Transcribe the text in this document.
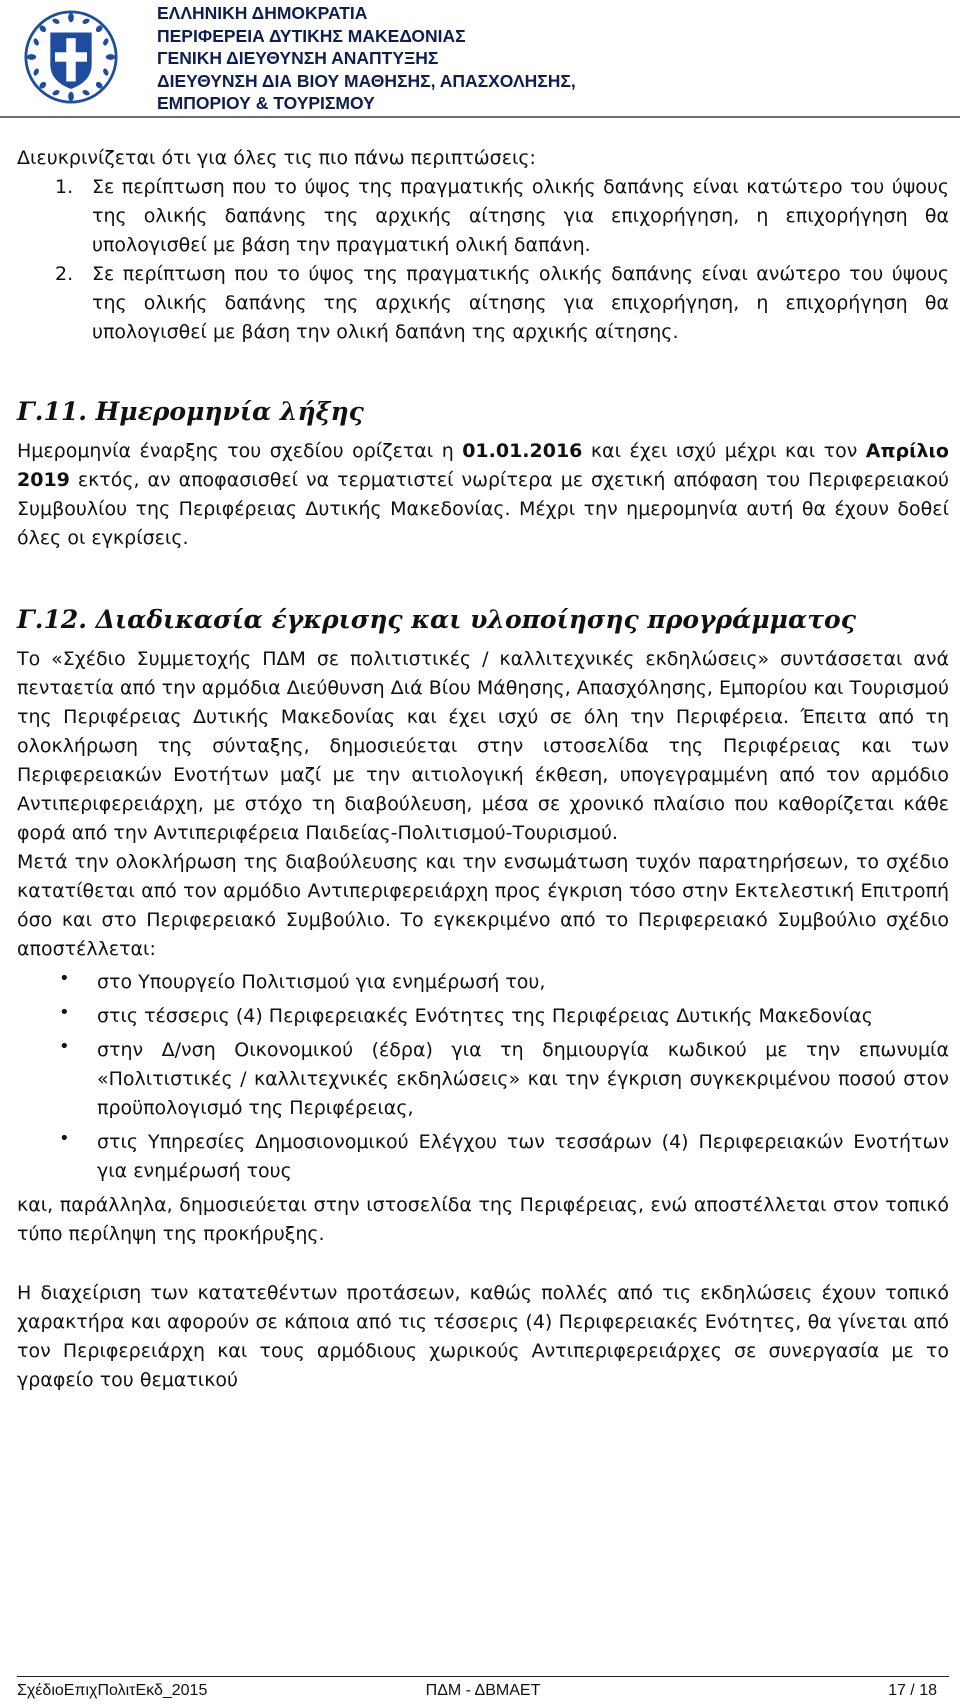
ΕΛΛΗΝΙΚΗ ΔΗΜΟΚΡΑΤΙΑ
ΠΕΡΙΦΕΡΕΙΑ ΔΥΤΙΚΗΣ ΜΑΚΕΔΟΝΙΑΣ
ΓΕΝΙΚΗ ΔΙΕΥΘΥΝΣΗ ΑΝΑΠΤΥΞΗΣ
ΔΙΕΥΘΥΝΣΗ ΔΙΑ ΒΙΟΥ ΜΑΘΗΣΗΣ, ΑΠΑΣΧΟΛΗΣΗΣ,
ΕΜΠΟΡΙΟΥ & ΤΟΥΡΙΣΜΟΥ

Διευκρινίζεται ότι για όλες τις πιο πάνω περιπτώσεις:

1. Σε περίπτωση που το ύψος της πραγματικής ολικής δαπάνης είναι κατώτερο του ύψους της ολικής δαπάνης της αρχικής αίτησης για επιχορήγηση, η επιχορήγηση θα υπολογισθεί με βάση την πραγματική ολική δαπάνη.

2. Σε περίπτωση που το ύψος της πραγματικής ολικής δαπάνης είναι ανώτερο του ύψους της ολικής δαπάνης της αρχικής αίτησης για επιχορήγηση, η επιχορήγηση θα υπολογισθεί με βάση την ολική δαπάνη της αρχικής αίτησης.

Γ.11. Ημερομηνία λήξης

Ημερομηνία έναρξης του σχεδίου ορίζεται η 01.01.2016 και έχει ισχύ μέχρι και τον Απρίλιο 2019 εκτός, αν αποφασισθεί να τερματιστεί νωρίτερα με σχετική απόφαση του Περιφερειακού Συμβουλίου της Περιφέρειας Δυτικής Μακεδονίας. Μέχρι την ημερομηνία αυτή θα έχουν δοθεί όλες οι εγκρίσεις.

Γ.12. Διαδικασία έγκρισης και υλοποίησης προγράμματος

Το «Σχέδιο Συμμετοχής ΠΔΜ σε πολιτιστικές / καλλιτεχνικές εκδηλώσεις» συντάσσεται ανά πενταετία από την αρμόδια Διεύθυνση Διά Βίου Μάθησης, Απασχόλησης, Εμπορίου και Τουρισμού της Περιφέρειας Δυτικής Μακεδονίας και έχει ισχύ σε όλη την Περιφέρεια. Έπειτα από τη ολοκλήρωση της σύνταξης, δημοσιεύεται στην ιστοσελίδα της Περιφέρειας και των Περιφερειακών Ενοτήτων μαζί με την αιτιολογική έκθεση, υπογεγραμμένη από τον αρμόδιο Αντιπεριφερειάρχη, με στόχο τη διαβούλευση, μέσα σε χρονικό πλαίσιο που καθορίζεται κάθε φορά από την Αντιπεριφέρεια Παιδείας-Πολιτισμού-Τουρισμού.

Μετά την ολοκλήρωση της διαβούλευσης και την ενσωμάτωση τυχόν παρατηρήσεων, το σχέδιο κατατίθεται από τον αρμόδιο Αντιπεριφερειάρχη προς έγκριση τόσο στην Εκτελεστική Επιτροπή όσο και στο Περιφερειακό Συμβούλιο. Το εγκεκριμένο από το Περιφερειακό Συμβούλιο σχέδιο αποστέλλεται:

• στο Υπουργείο Πολιτισμού για ενημέρωσή του,

• στις τέσσερις (4) Περιφερειακές Ενότητες της Περιφέρειας Δυτικής Μακεδονίας

• στην Δ/νση Οικονομικού (έδρα) για τη δημιουργία κωδικού με την επωνυμία «Πολιτιστικές / καλλιτεχνικές εκδηλώσεις» και την έγκριση συγκεκριμένου ποσού στον προϋπολογισμό της Περιφέρειας,

• στις Υπηρεσίες Δημοσιονομικού Ελέγχου των τεσσάρων (4) Περιφερειακών Ενοτήτων για ενημέρωσή τους

και, παράλληλα, δημοσιεύεται στην ιστοσελίδα της Περιφέρειας, ενώ αποστέλλεται στον τοπικό τύπο περίληψη της προκήρυξης.

Η διαχείριση των κατατεθέντων προτάσεων, καθώς πολλές από τις εκδηλώσεις έχουν τοπικό χαρακτήρα και αφορούν σε κάποια από τις τέσσερις (4) Περιφερειακές Ενότητες, θα γίνεται από τον Περιφερειάρχη και τους αρμόδιους χωρικούς Αντιπεριφερειάρχες σε συνεργασία με το γραφείο του θεματικού

ΣχέδιοΕπιχΠολιτΕκδ_2015	ΠΔΜ - ΔΒΜΑΕΤ	17 / 18
